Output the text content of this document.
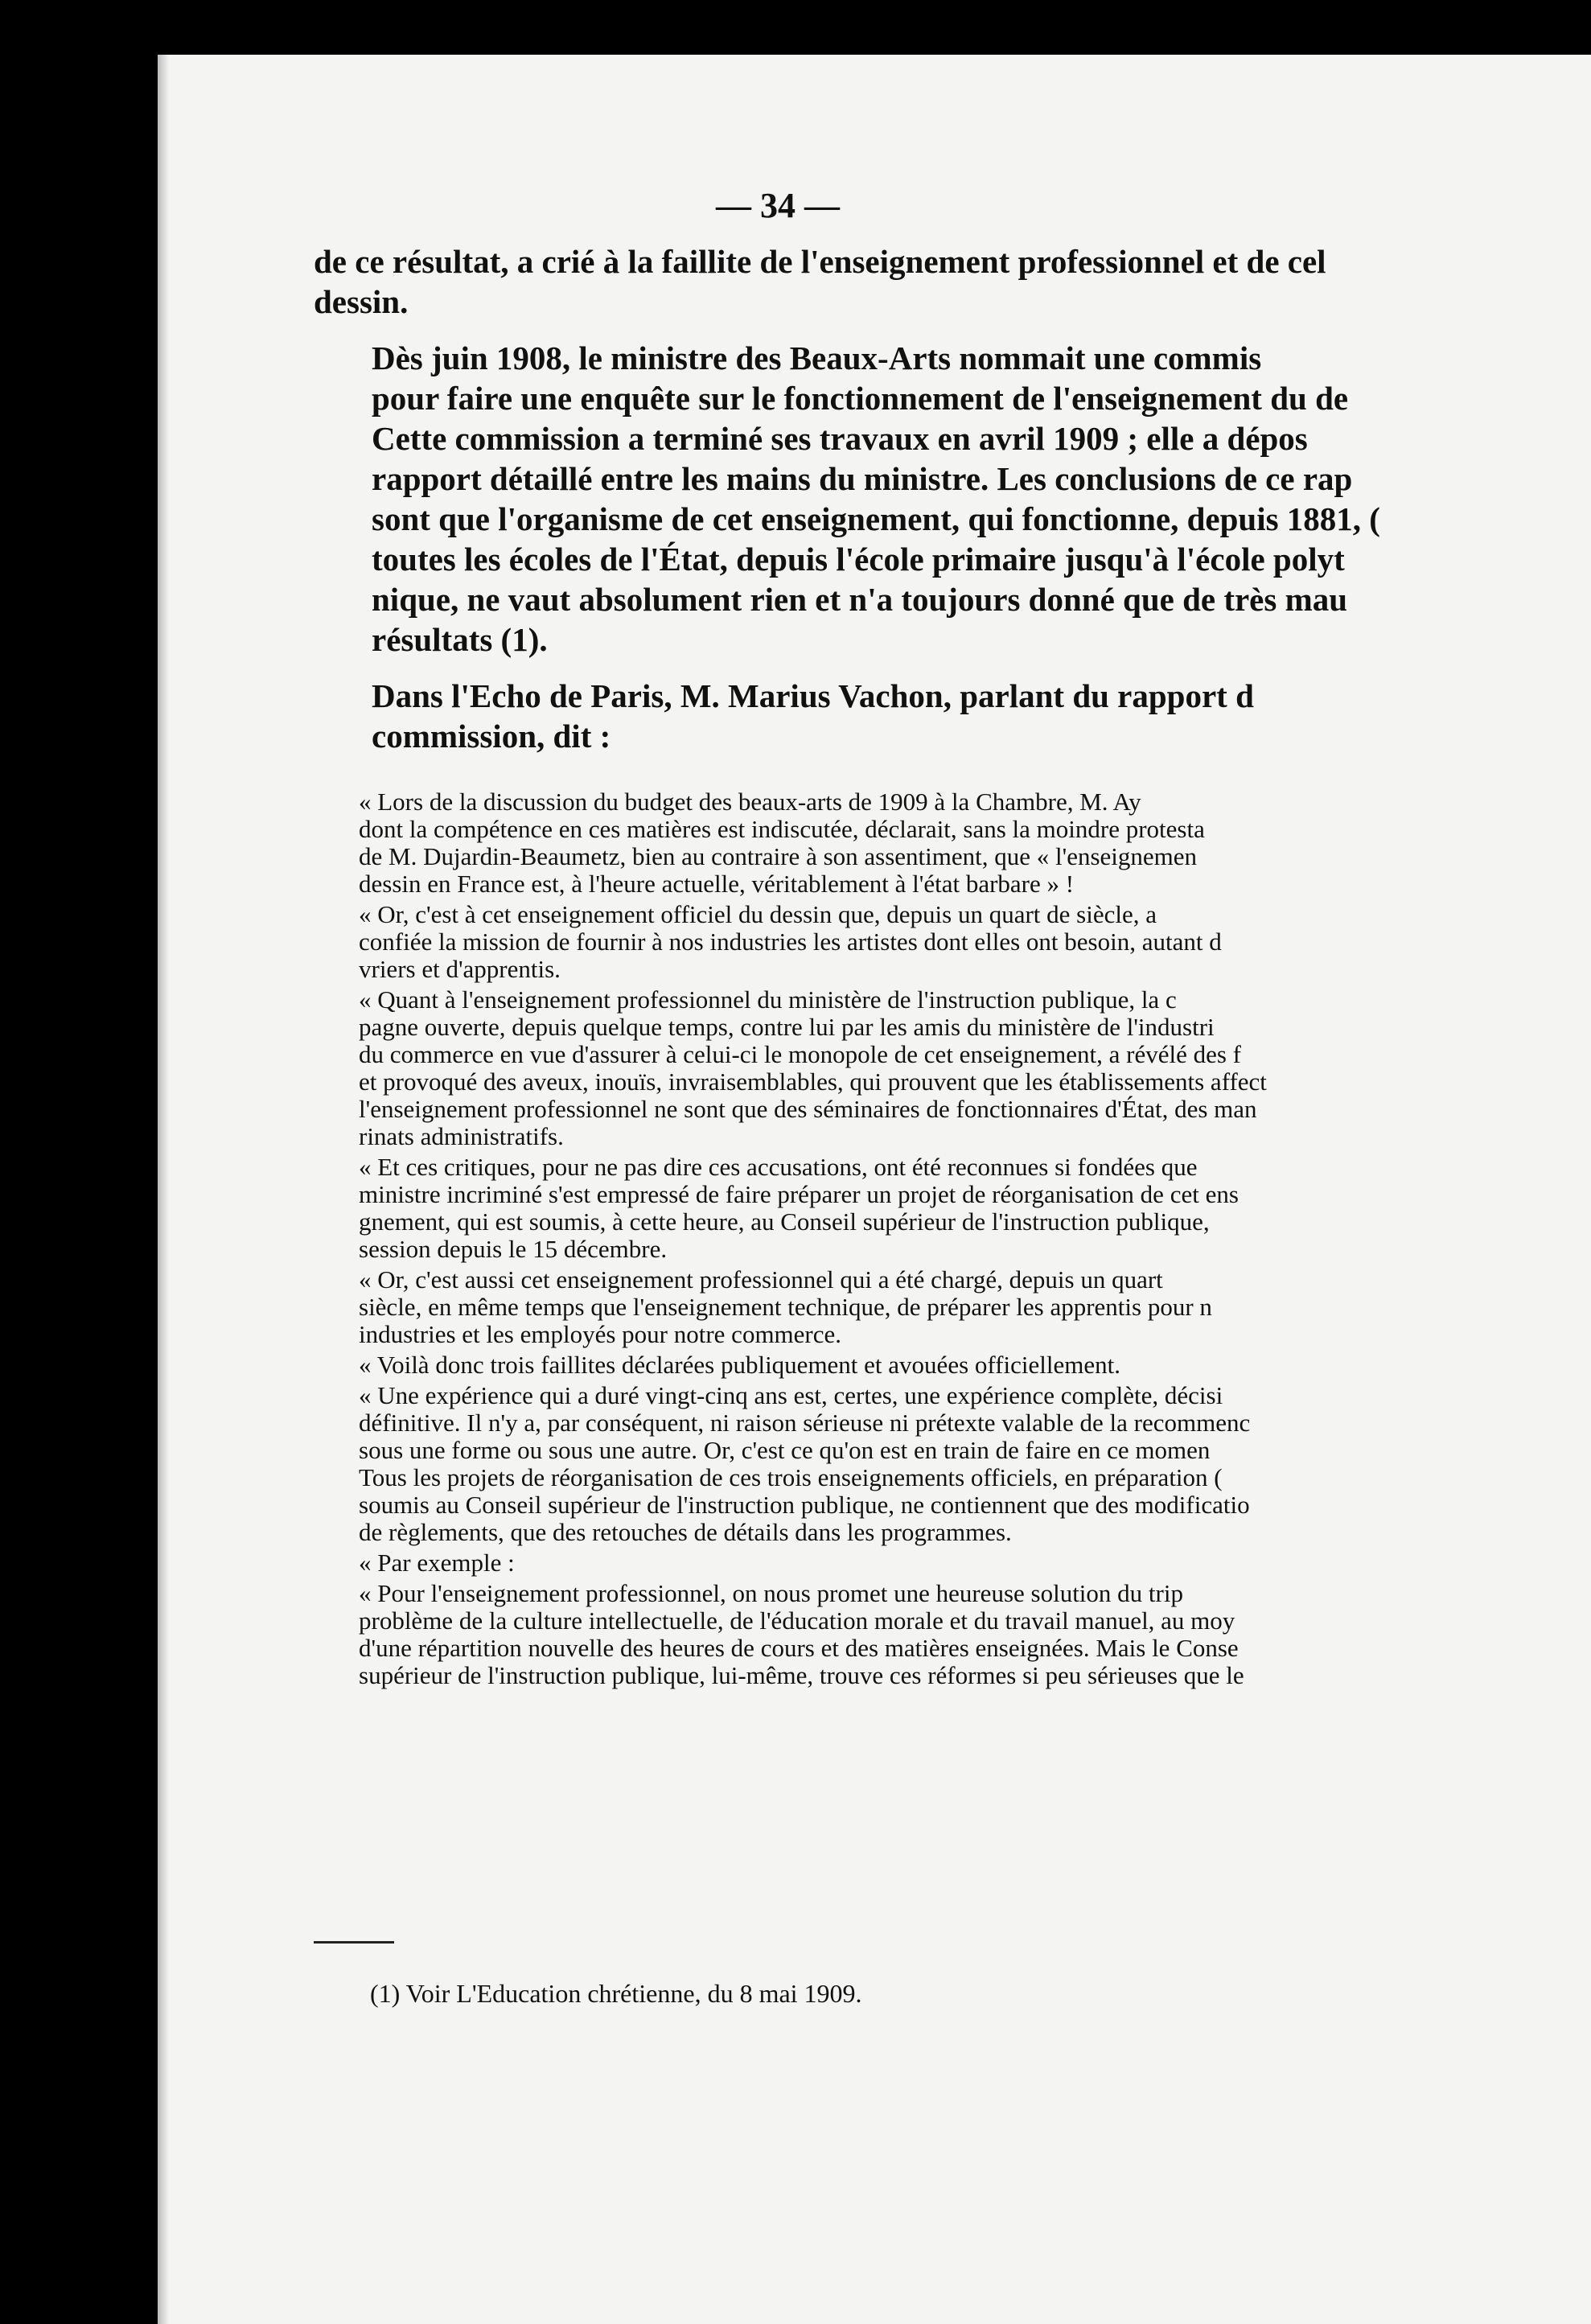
— 34 —

de ce résultat, a crié à la faillite de l'enseignement professionnel et de cel
dessin.

Dès juin 1908, le ministre des Beaux-Arts nommait une commis
pour faire une enquête sur le fonctionnement de l'enseignement du de
Cette commission a terminé ses travaux en avril 1909 ; elle a dépos
rapport détaillé entre les mains du ministre. Les conclusions de ce rap
sont que l'organisme de cet enseignement, qui fonctionne, depuis 1881, (
toutes les écoles de l'État, depuis l'école primaire jusqu'à l'école polyt
nique, ne vaut absolument rien et n'a toujours donné que de très mau
résultats (1).

Dans l'Echo de Paris, M. Marius Vachon, parlant du rapport d
commission, dit :

« Lors de la discussion du budget des beaux-arts de 1909 à la Chambre, M. Ay
dont la compétence en ces matières est indiscutée, déclarait, sans la moindre protesta
de M. Dujardin-Beaumetz, bien au contraire à son assentiment, que « l'enseignemen
dessin en France est, à l'heure actuelle, véritablement à l'état barbare » !

« Or, c'est à cet enseignement officiel du dessin que, depuis un quart de siècle, a
confiée la mission de fournir à nos industries les artistes dont elles ont besoin, autant d
vriers et d'apprentis.

« Quant à l'enseignement professionnel du ministère de l'instruction publique, la c
pagne ouverte, depuis quelque temps, contre lui par les amis du ministère de l'industri
du commerce en vue d'assurer à celui-ci le monopole de cet enseignement, a révélé des f
et provoqué des aveux, inouïs, invraisemblables, qui prouvent que les établissements affect
l'enseignement professionnel ne sont que des séminaires de fonctionnaires d'État, des man
rinats administratifs.

« Et ces critiques, pour ne pas dire ces accusations, ont été reconnues si fondées que
ministre incriminé s'est empressé de faire préparer un projet de réorganisation de cet ens
gnement, qui est soumis, à cette heure, au Conseil supérieur de l'instruction publique,
session depuis le 15 décembre.

« Or, c'est aussi cet enseignement professionnel qui a été chargé, depuis un quart
siècle, en même temps que l'enseignement technique, de préparer les apprentis pour n
industries et les employés pour notre commerce.

« Voilà donc trois faillites déclarées publiquement et avouées officiellement.

« Une expérience qui a duré vingt-cinq ans est, certes, une expérience complète, décisi
définitive. Il n'y a, par conséquent, ni raison sérieuse ni prétexte valable de la recommenc
sous une forme ou sous une autre. Or, c'est ce qu'on est en train de faire en ce momen
Tous les projets de réorganisation de ces trois enseignements officiels, en préparation (
soumis au Conseil supérieur de l'instruction publique, ne contiennent que des modificatio
de règlements, que des retouches de détails dans les programmes.

« Par exemple :

« Pour l'enseignement professionnel, on nous promet une heureuse solution du trip
problème de la culture intellectuelle, de l'éducation morale et du travail manuel, au moy
d'une répartition nouvelle des heures de cours et des matières enseignées. Mais le Conse
supérieur de l'instruction publique, lui-même, trouve ces réformes si peu sérieuses que le

(1) Voir L'Education chrétienne, du 8 mai 1909.
